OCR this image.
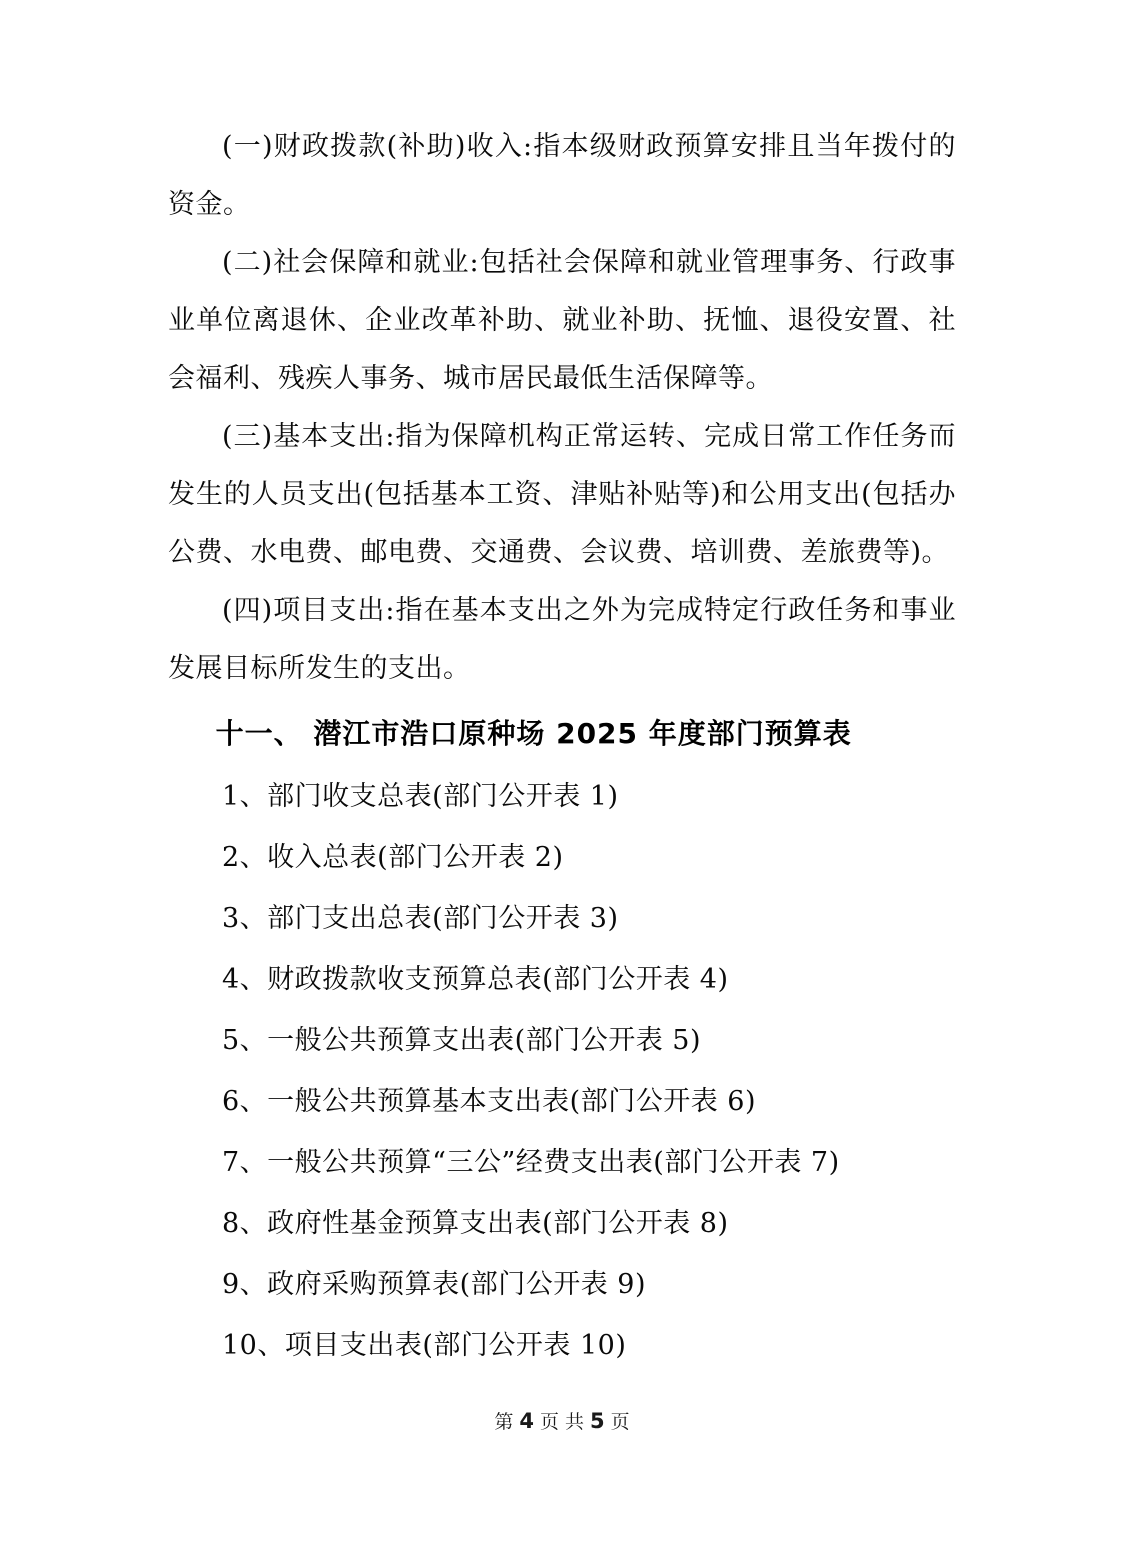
(一)财政拨款(补助)收入:指本级财政预算安排且当年拨付的资金。

(二)社会保障和就业:包括社会保障和就业管理事务、行政事业单位离退休、企业改革补助、就业补助、抚恤、退役安置、社会福利、残疾人事务、城市居民最低生活保障等。

(三)基本支出:指为保障机构正常运转、完成日常工作任务而发生的人员支出(包括基本工资、津贴补贴等)和公用支出(包括办公费、水电费、邮电费、交通费、会议费、培训费、差旅费等)。

(四)项目支出:指在基本支出之外为完成特定行政任务和事业发展目标所发生的支出。

十一、 潜江市浩口原种场 2025 年度部门预算表

1、部门收支总表(部门公开表 1)

2、收入总表(部门公开表 2)

3、部门支出总表(部门公开表 3)

4、财政拨款收支预算总表(部门公开表 4)

5、一般公共预算支出表(部门公开表 5)

6、一般公共预算基本支出表(部门公开表 6)

7、一般公共预算“三公”经费支出表(部门公开表 7)

8、政府性基金预算支出表(部门公开表 8)

9、政府采购预算表(部门公开表 9)

10、项目支出表(部门公开表 10)

第 4 页 共 5 页
